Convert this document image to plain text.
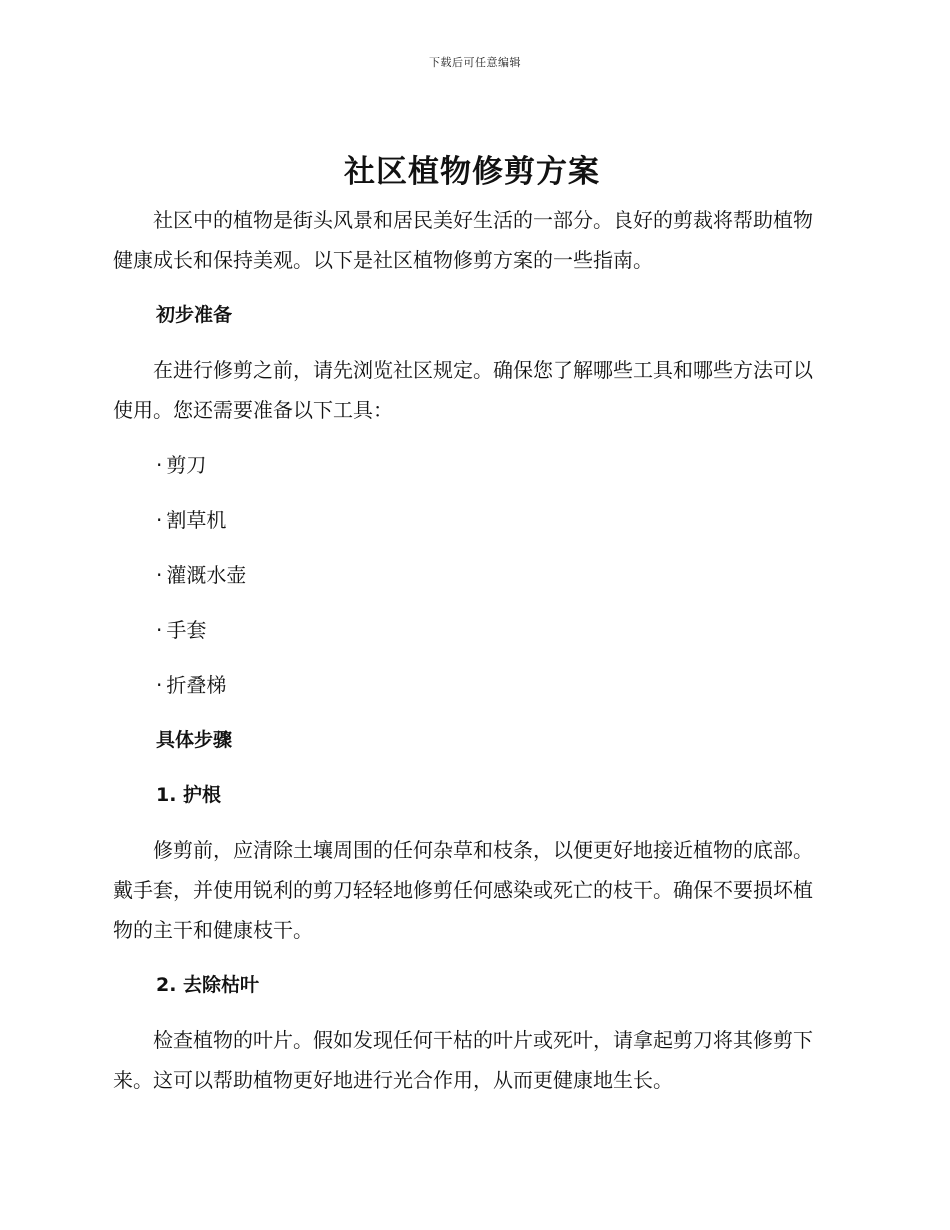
下载后可任意编辑
社区植物修剪方案

社区中的植物是街头风景和居民美好生活的一部分。良好的剪裁将帮助植物健康成长和保持美观。以下是社区植物修剪方案的一些指南。

初步准备

在进行修剪之前，请先浏览社区规定。确保您了解哪些工具和哪些方法可以使用。您还需要准备以下工具：

· 剪刀
· 割草机
· 灌溉水壶
· 手套
· 折叠梯
具体步骤
1. 护根

修剪前，应清除土壤周围的任何杂草和枝条，以便更好地接近植物的底部。戴手套，并使用锐利的剪刀轻轻地修剪任何感染或死亡的枝干。确保不要损坏植物的主干和健康枝干。

2. 去除枯叶

检查植物的叶片。假如发现任何干枯的叶片或死叶，请拿起剪刀将其修剪下来。这可以帮助植物更好地进行光合作用，从而更健康地生长。
